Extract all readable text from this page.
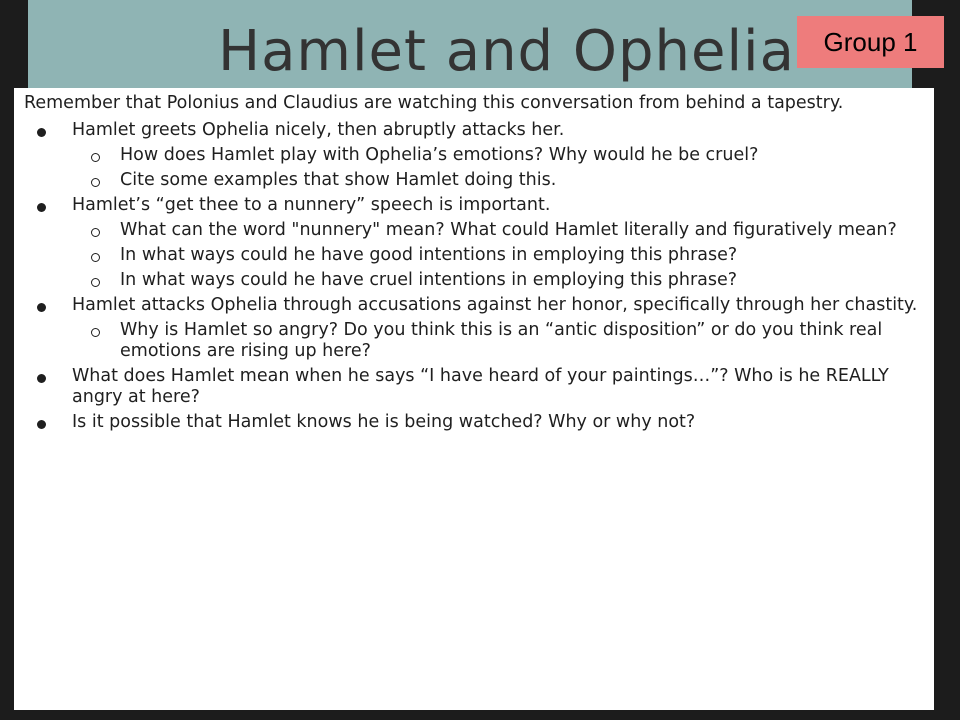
Hamlet and Ophelia	Group 1
Remember that Polonius and Claudius are watching this conversation from behind a tapestry.
Hamlet greets Ophelia nicely, then abruptly attacks her.
How does Hamlet play with Ophelia’s emotions? Why would he be cruel?
Cite some examples that show Hamlet doing this.
Hamlet’s “get thee to a nunnery” speech is important.
What can the word "nunnery" mean? What could Hamlet literally and figuratively mean?
In what ways could he have good intentions in employing this phrase?
In what ways could he have cruel intentions in employing this phrase?
Hamlet attacks Ophelia through accusations against her honor, specifically through her chastity.
Why is Hamlet so angry? Do you think this is an “antic disposition” or do you think real emotions are rising up here?
What does Hamlet mean when he says “I have heard of your paintings…”? Who is he REALLY angry at here?
Is it possible that Hamlet knows he is being watched? Why or why not?
